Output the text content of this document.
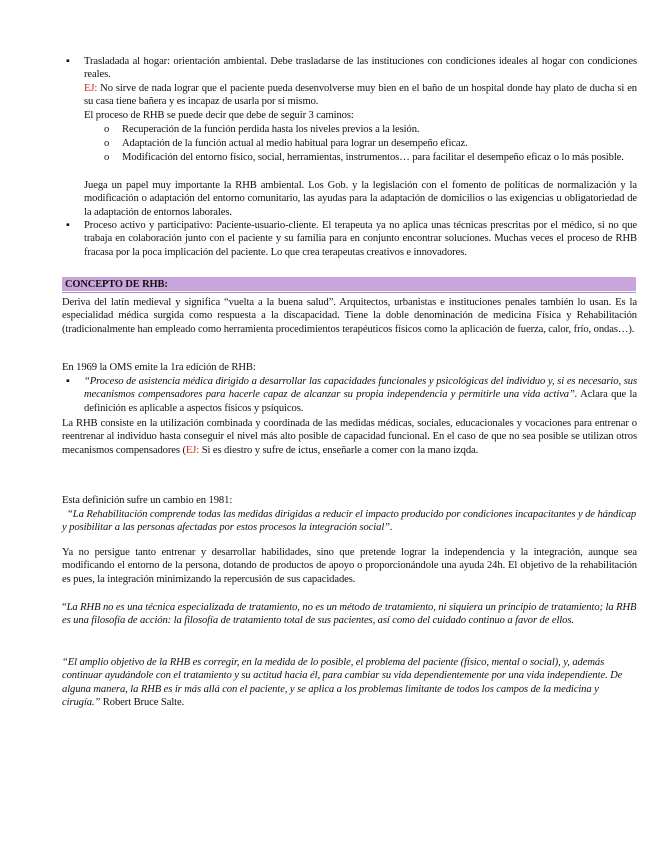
▪	Trasladada al hogar: orientación ambiental. Debe trasladarse de las instituciones con condiciones ideales al hogar con condiciones reales.

EJ: No sirve de nada lograr que el paciente pueda desenvolverse muy bien en el baño de un hospital donde hay plato de ducha si en su casa tiene bañera y es incapaz de usarla por sí mismo.

El proceso de RHB se puede decir que debe de seguir 3 caminos:

o	Recuperación de la función perdida hasta los niveles previos a la lesión.
o	Adaptación de la función actual al medio habitual para lograr un desempeño eficaz.
o	Modificación del entorno físico, social, herramientas, instrumentos… para facilitar el desempeño eficaz o lo más posible.
Juega un papel muy importante la RHB ambiental. Los Gob. y la legislación con el fomento de políticas de normalización y la modificación o adaptación del entorno comunitario, las ayudas para la adaptación de domicilios o las exigencias u obligatoriedad de la adaptación de entornos laborales.
▪	Proceso activo y participativo: Paciente-usuario-cliente. El terapeuta ya no aplica unas técnicas prescritas por el médico, si no que trabaja en colaboración junto con el paciente y su familia para en conjunto encontrar soluciones. Muchas veces el proceso de RHB fracasa por la poca implicación del paciente. Lo que crea terapeutas creativos e innovadores.
CONCEPTO DE RHB:
Deriva del latín medieval y significa “vuelta a la buena salud”. Arquitectos, urbanistas e instituciones penales también lo usan. Es la especialidad médica surgida como respuesta a la discapacidad. Tiene la doble denominación de medicina Física y Rehabilitación (tradicionalmente han empleado como herramienta procedimientos terapéuticos físicos como la aplicación de fuerza, calor, frío, ondas…).
En 1969 la OMS emite la 1ra edición de RHB:
▪	“Proceso de asistencia médica dirigido a desarrollar las capacidades funcionales y psicológicas del individuo y, si es necesario, sus mecanismos compensadores para hacerle capaz de alcanzar su propia independencia y permitirle una vida activa”. Aclara que la definición es aplicable a aspectos físicos y psíquicos.
La RHB consiste en la utilización combinada y coordinada de las medidas médicas, sociales, educacionales y vocaciones para entrenar o reentrenar al individuo hasta conseguir el nivel más alto posible de capacidad funcional. En el caso de que no sea posible se utilizan otros mecanismos compensadores (EJ: Si es diestro y sufre de ictus, enseñarle a comer con la mano izqda.
Esta definición sufre un cambio en 1981:
“La Rehabilitación comprende todas las medidas dirigidas a reducir el impacto producido por condiciones incapacitantes y de hándicap y posibilitar a las personas afectadas por estos procesos la integración social”.
Ya no persigue tanto entrenar y desarrollar habilidades, sino que pretende lograr la independencia y la integración, aunque sea modificando el entorno de la persona, dotando de productos de apoyo o proporcionándole una ayuda 24h. El objetivo de la rehabilitación es pues, la integración minimizando la repercusión de sus capacidades.
“La RHB no es una técnica especializada de tratamiento, no es un método de tratamiento, ni siquiera un principio de tratamiento; la RHB es una filosofía de acción: la filosofía de tratamiento total de sus pacientes, así como del cuidado continuo a favor de ellos.
“El amplio objetivo de la RHB es corregir, en la medida de lo posible, el problema del paciente (físico, mental o social), y, además continuar ayudándole con el tratamiento y su actitud hacia él, para cambiar su vida dependientemente por una vida independiente. De alguna manera, la RHB es ir más allá con el paciente, y se aplica a los problemas limitante de todos los campos de la medicina y cirugía.” Robert Bruce Salte.
